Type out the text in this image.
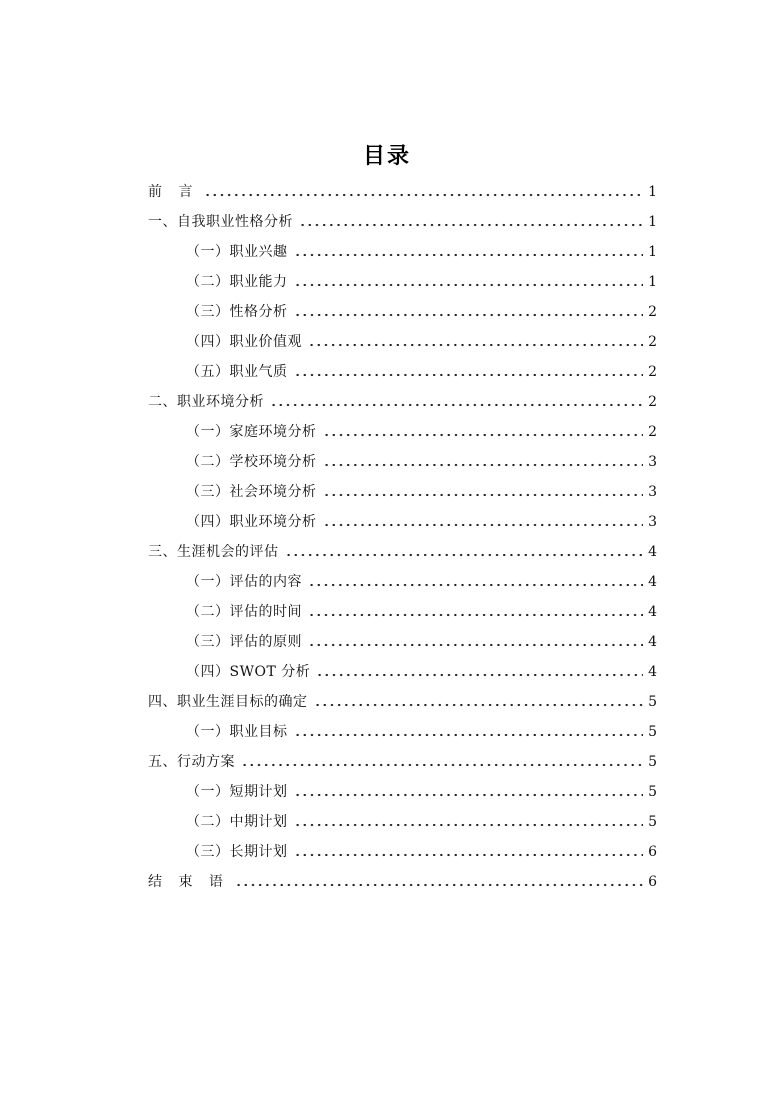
目录
前 言	1
一、自我职业性格分析	1
（一）职业兴趣	1
（二）职业能力	1
（三）性格分析	2
（四）职业价值观	2
（五）职业气质	2
二、职业环境分析	2
（一）家庭环境分析	2
（二）学校环境分析	3
（三）社会环境分析	3
（四）职业环境分析	3
三、生涯机会的评估	4
（一）评估的内容	4
（二）评估的时间	4
（三）评估的原则	4
（四）SWOT 分析	4
四、职业生涯目标的确定	5
（一）职业目标	5
五、行动方案	5
（一）短期计划	5
（二）中期计划	5
（三）长期计划	6
结 束 语	6
